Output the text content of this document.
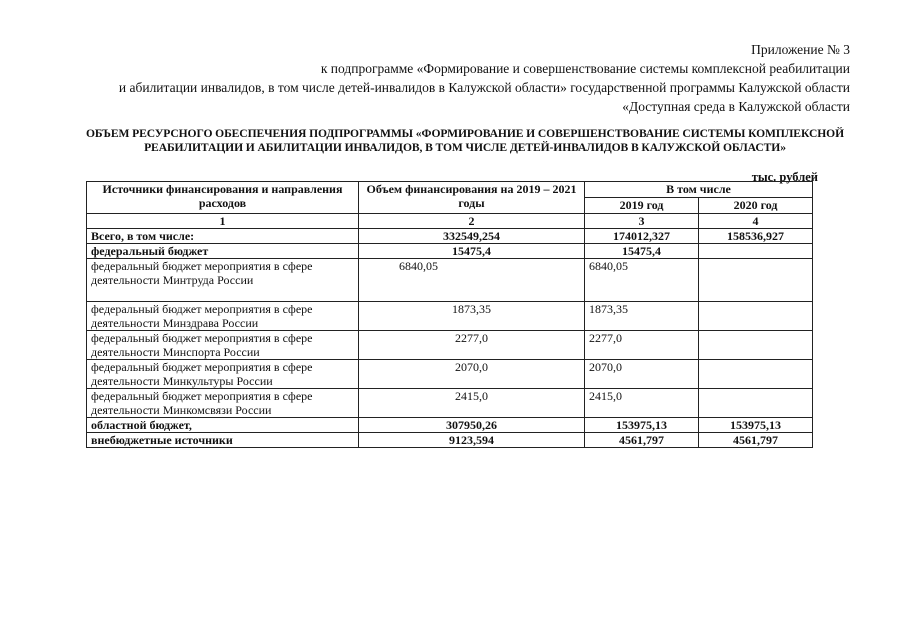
Приложение № 3
к подпрограмме «Формирование и совершенствование системы комплексной реабилитации
и абилитации инвалидов, в том числе детей-инвалидов в Калужской области» государственной программы Калужской области
«Доступная среда в Калужской области
ОБЪЕМ РЕСУРСНОГО ОБЕСПЕЧЕНИЯ ПОДПРОГРАММЫ «ФОРМИРОВАНИЕ И СОВЕРШЕНСТВОВАНИЕ СИСТЕМЫ КОМПЛЕКСНОЙ
РЕАБИЛИТАЦИИ И АБИЛИТАЦИИ ИНВАЛИДОВ, В ТОМ ЧИСЛЕ ДЕТЕЙ-ИНВАЛИДОВ В КАЛУЖСКОЙ ОБЛАСТИ»
тыс. рублей
Источники финансирования и направления расходов	Объем финансирования на 2019 – 2021 годы	В том числе	
		2019 год	2020 год
1	2	3	4
Всего, в том числе:	332549,254	174012,327	158536,927
федеральный бюджет	15475,4	15475,4	
федеральный бюджет мероприятия в сфере деятельности Минтруда России	6840,05	6840,05	
федеральный бюджет мероприятия в сфере деятельности Минздрава России	1873,35	1873,35	
федеральный бюджет мероприятия в сфере деятельности Минспорта России	2277,0	2277,0	
федеральный бюджет мероприятия в сфере деятельности Минкультуры России	2070,0	2070,0	
федеральный бюджет мероприятия в сфере деятельности Минкомсвязи России	2415,0	2415,0	
областной бюджет,	307950,26	153975,13	153975,13
внебюджетные источники	9123,594	4561,797	4561,797
